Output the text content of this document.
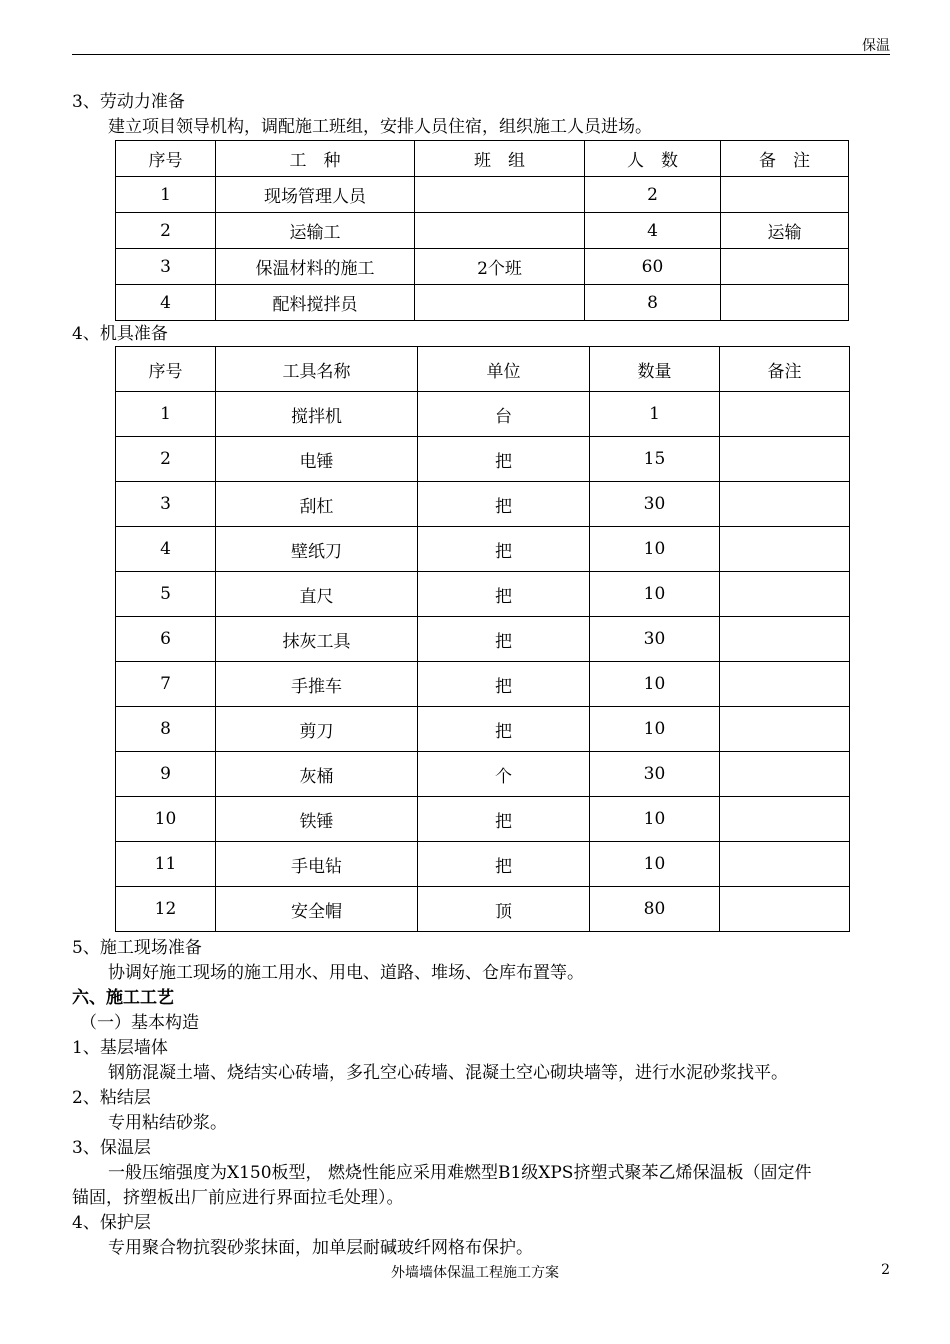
保温
3、劳动力准备
建立项目领导机构，调配施工班组，安排人员住宿，组织施工人员进场。
序号	工　种	班　组	人　数	备　注
1	现场管理人员		2	
2	运输工		4	运输
3	保温材料的施工	2个班	60	
4	配料搅拌员		8	
4、机具准备
序号	工具名称	单位	数量	备注
1	搅拌机	台	1	
2	电锤	把	15	
3	刮杠	把	30	
4	壁纸刀	把	10	
5	直尺	把	10	
6	抹灰工具	把	30	
7	手推车	把	10	
8	剪刀	把	10	
9	灰桶	个	30	
10	铁锤	把	10	
11	手电钻	把	10	
12	安全帽	顶	80	
5、施工现场准备
协调好施工现场的施工用水、用电、道路、堆场、仓库布置等。
六、施工工艺
（一）基本构造
1、基层墙体
钢筋混凝土墙、烧结实心砖墙，多孔空心砖墙、混凝土空心砌块墙等，进行水泥砂浆找平。
2、粘结层
专用粘结砂浆。
3、保温层
一般压缩强度为X150板型， 燃烧性能应采用难燃型B1级XPS挤塑式聚苯乙烯保温板（固定件
锚固，挤塑板出厂前应进行界面拉毛处理）。
4、保护层
专用聚合物抗裂砂浆抹面，加单层耐碱玻纤网格布保护。
外墙墙体保温工程施工方案	2
